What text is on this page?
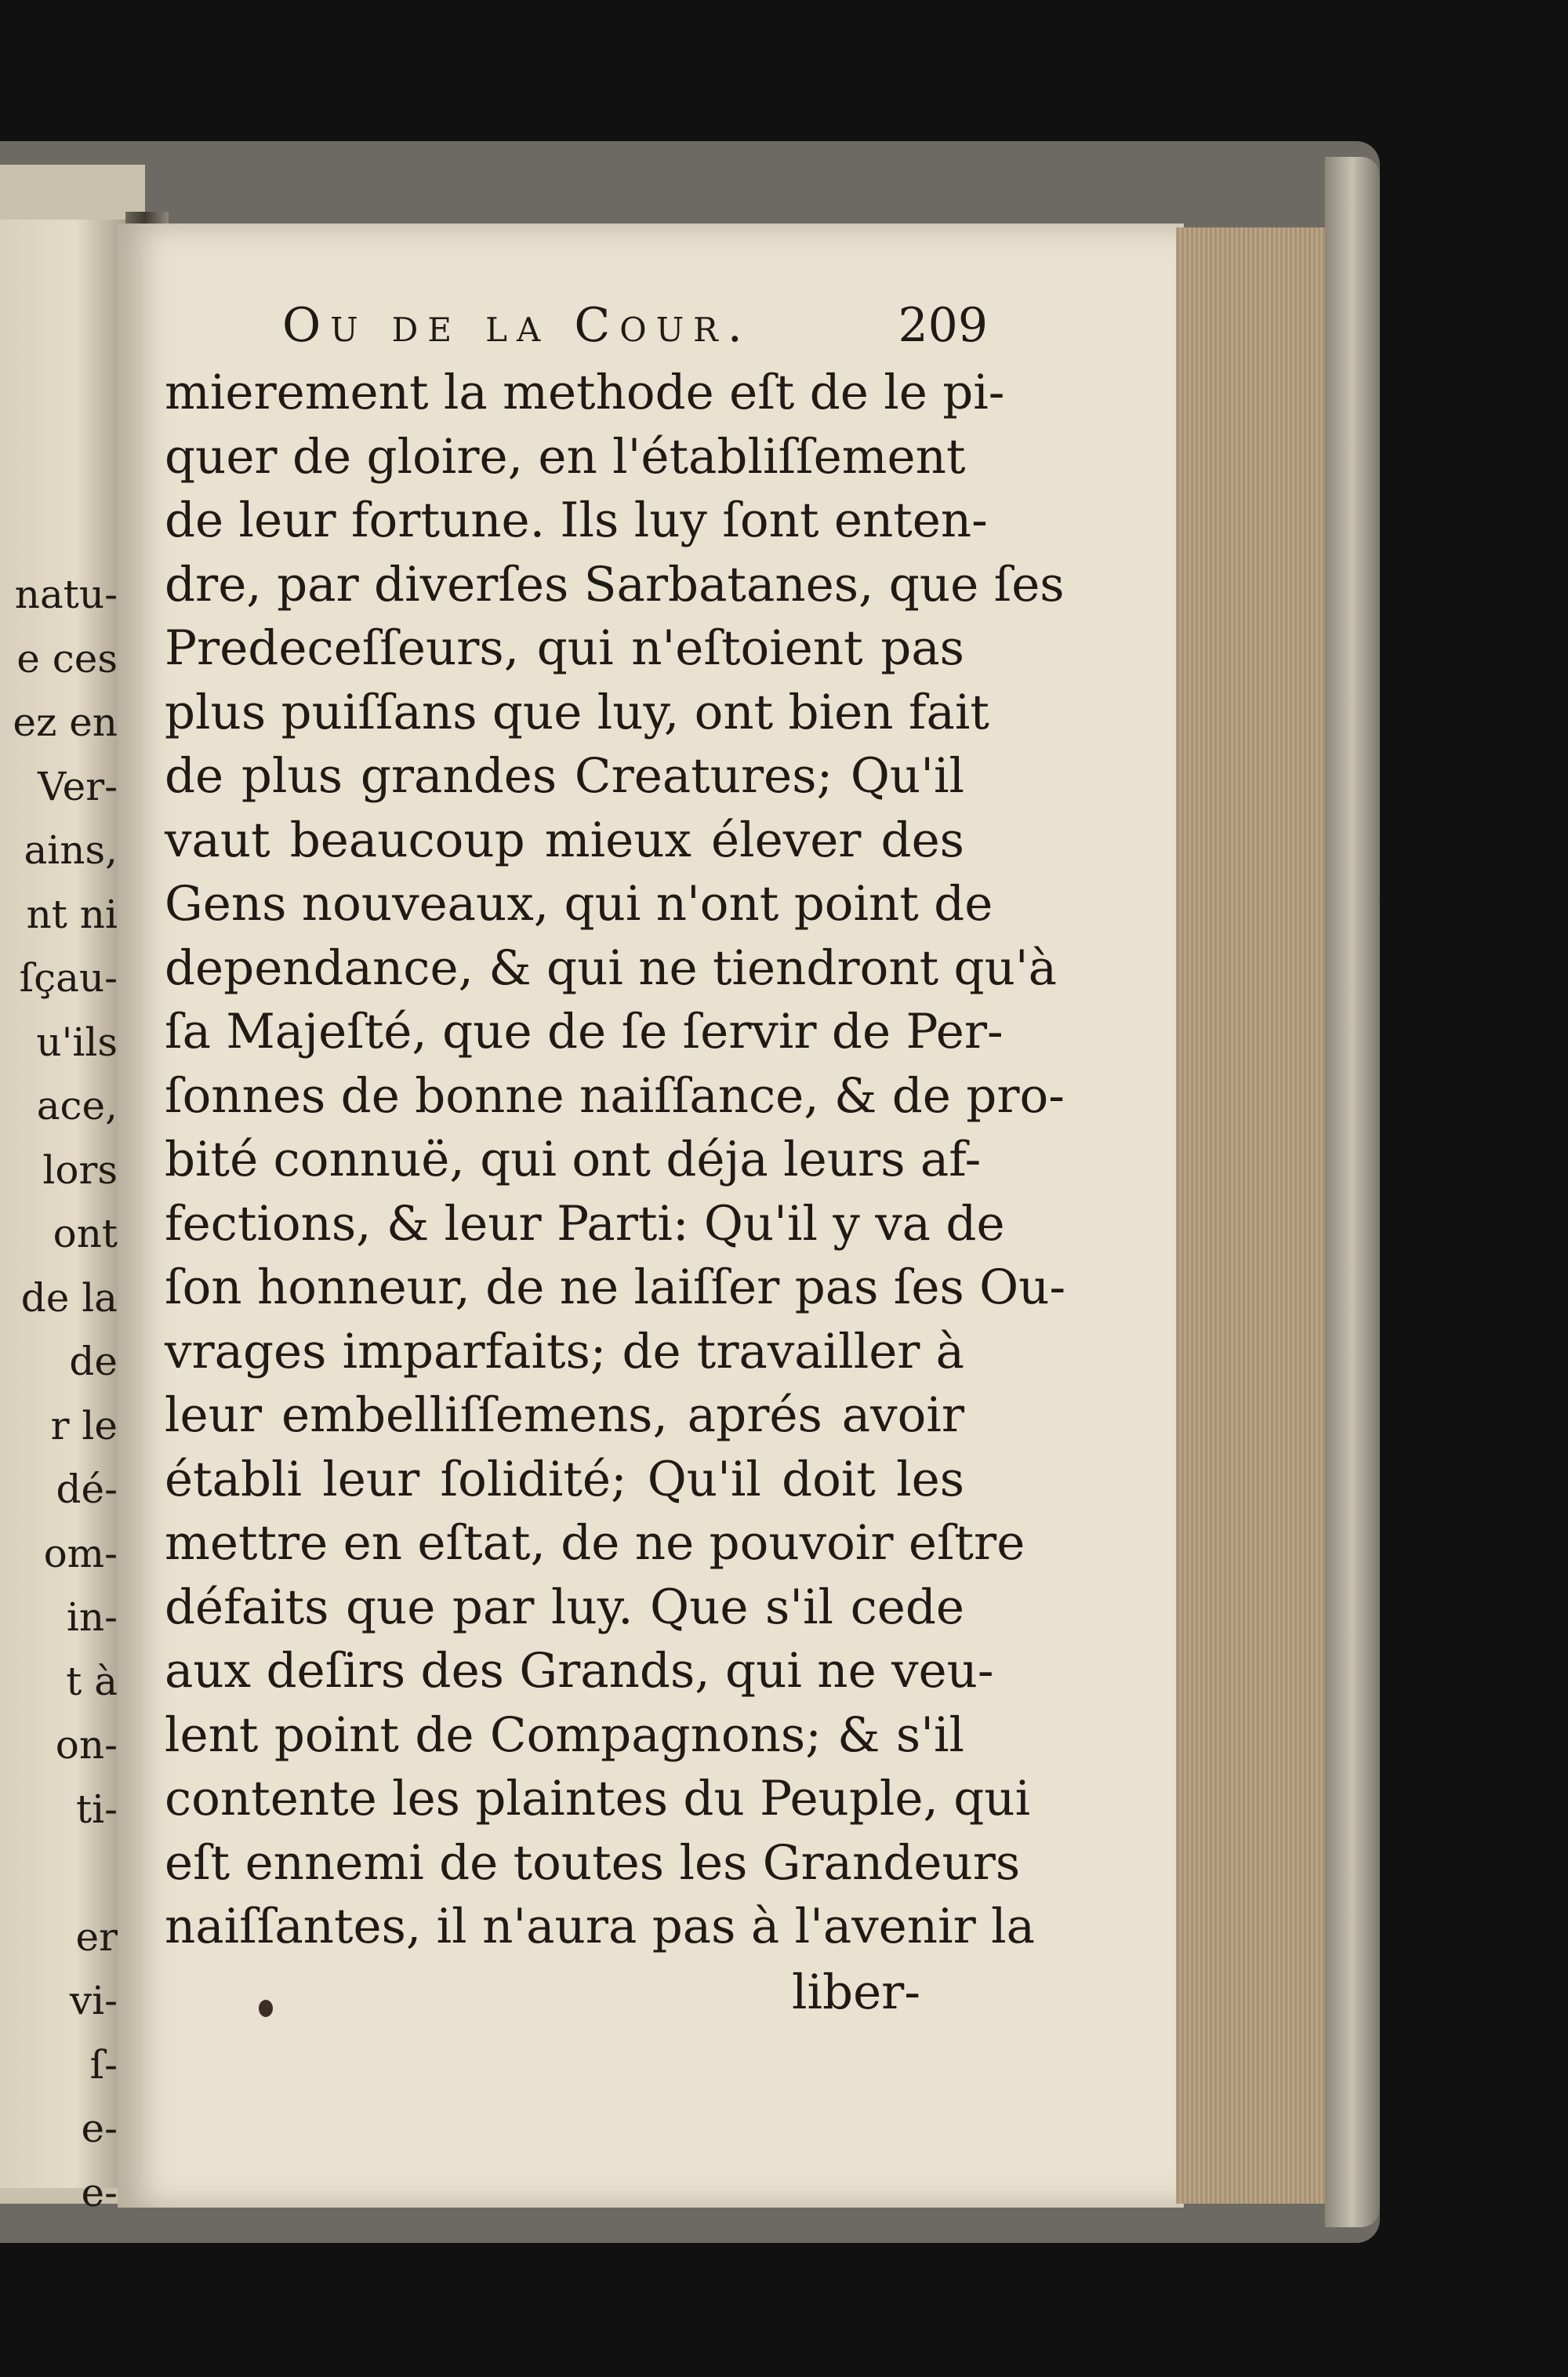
natu-
e ces
ez en
Ver-
ains,
nt ni
ſçau-
u'ils
ace,
lors
ont
de la
de
r le
dé-
om-
in-
t à
on-
ti-
er
vi-
ſ-
e-
e-
Ou de la Cour.	209
mierement la methode eſt de le pi-
quer de gloire, en l'établiſſement
de leur fortune. Ils luy ſont enten-
dre, par diverſes Sarbatanes, que ſes
Predeceſſeurs, qui n'eſtoient pas
plus puiſſans que luy, ont bien fait
de plus grandes Creatures; Qu'il
vaut beaucoup mieux élever des
Gens nouveaux, qui n'ont point de
dependance, & qui ne tiendront qu'à
ſa Majeſté, que de ſe ſervir de Per-
ſonnes de bonne naiſſance, & de pro-
bité connuë, qui ont déja leurs af-
fections, & leur Parti: Qu'il y va de
ſon honneur, de ne laiſſer pas ſes Ou-
vrages imparfaits; de travailler à
leur embelliſſemens, aprés avoir
établi leur ſolidité; Qu'il doit les
mettre en eſtat, de ne pouvoir eſtre
défaits que par luy. Que s'il cede
aux deſirs des Grands, qui ne veu-
lent point de Compagnons; & s'il
contente les plaintes du Peuple, qui
eſt ennemi de toutes les Grandeurs
naiſſantes, il n'aura pas à l'avenir la
liber-
